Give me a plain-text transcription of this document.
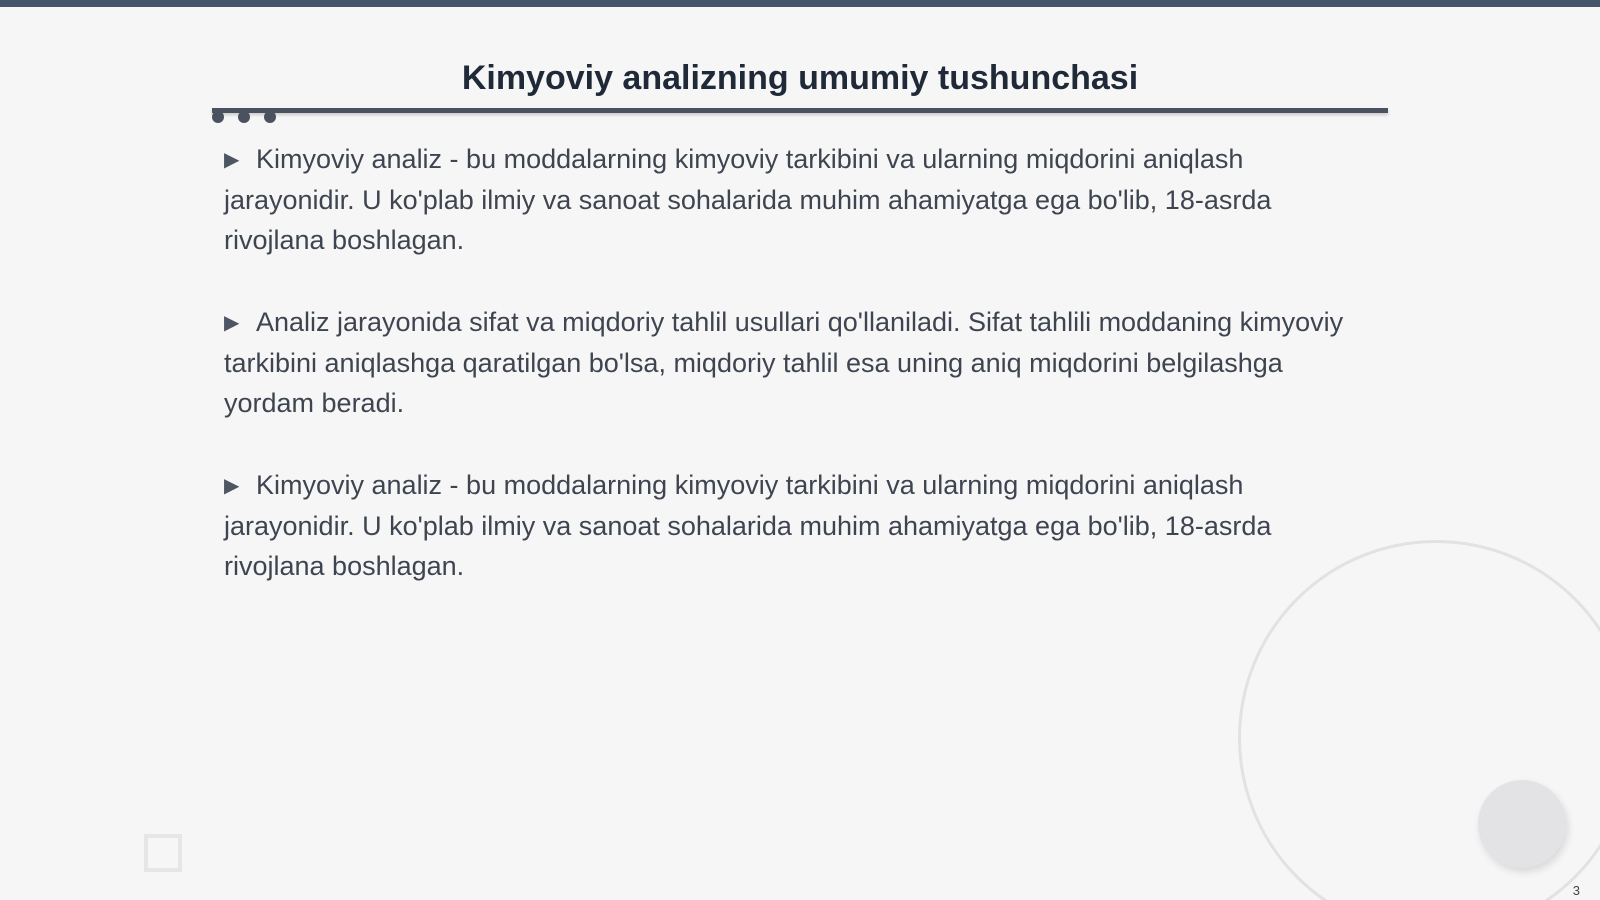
Kimyoviy analizning umumiy tushunchasi

▶ Kimyoviy analiz - bu moddalarning kimyoviy tarkibini va ularning miqdorini aniqlash jarayonidir. U ko'plab ilmiy va sanoat sohalarida muhim ahamiyatga ega bo'lib, 18-asrda rivojlana boshlagan.

▶ Analiz jarayonida sifat va miqdoriy tahlil usullari qo'llaniladi. Sifat tahlili moddaning kimyoviy tarkibini aniqlashga qaratilgan bo'lsa, miqdoriy tahlil esa uning aniq miqdorini belgilashga yordam beradi.

▶ Kimyoviy analiz - bu moddalarning kimyoviy tarkibini va ularning miqdorini aniqlash jarayonidir. U ko'plab ilmiy va sanoat sohalarida muhim ahamiyatga ega bo'lib, 18-asrda rivojlana boshlagan.

3
